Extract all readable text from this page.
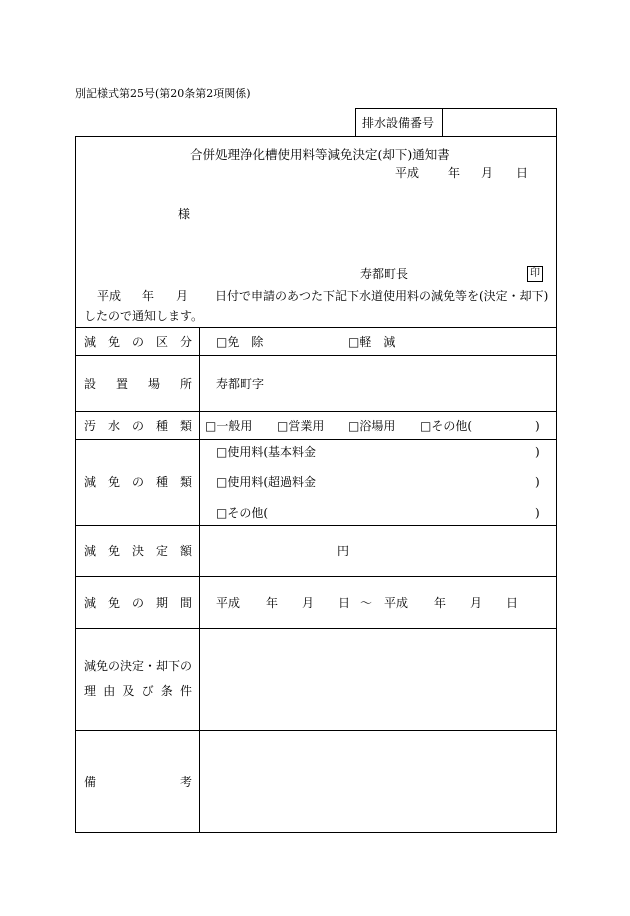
別記様式第25号(第20条第2項関係)
排水設備番号
合併処理浄化槽使用料等減免決定(却下)通知書
平成 年 月 日
様
寿都町長	印
平成 年 月 日付で申請のあつた下記下水道使用料の減免等を(決定・却下)
したので通知します。
減 免 の 区 分 □免　除	□軽　減
設 置 場 所 寿都町字
汚 水 の 種 類 □一般用 □営業用 □浴場用 □その他(	)
減 免 の 種 類
□使用料(基本料金	)
□使用料(超過料金	)
□その他(	)
減 免 決 定 額	円
減 免 の 期 間 平成 年 月 日 ～ 平成 年 月 日
減免の決定・却下の
理 由 及 び 条 件
備	考
